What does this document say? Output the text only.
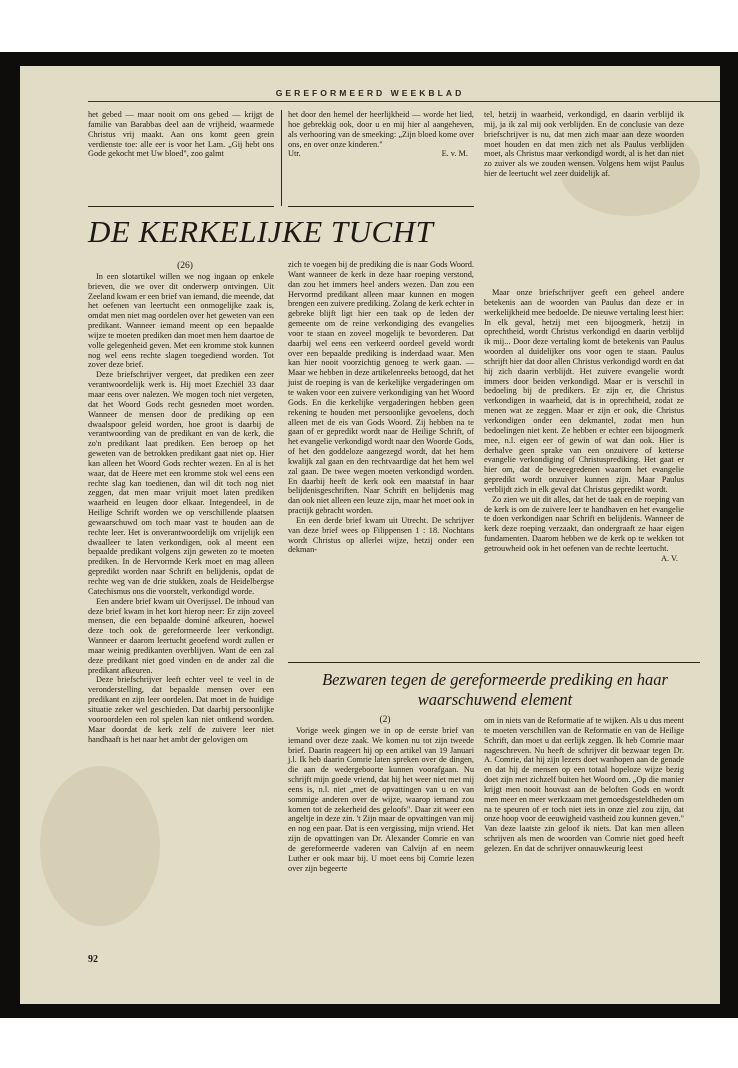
GEREFORMEERD WEEKBLAD

het gebed — maar nooit om ons gebed — krijgt de familie van Barabbas deel aan de vrijheid, waarmede Christus vrij maakt. Aan ons komt geen grein verdienste toe: alle eer is voor het Lam. „Gij hebt ons Gode gekocht met Uw bloed", zoo galmt

het door den hemel der heerlijkheid — worde het lied, hoe gebrekkig ook, door u en mij hier al aangeheven, als verhooring van de smeeking: „Zijn bloed kome over ons, en over onze kinderen."

Utr.	E. v. M.

tel, hetzij in waarheid, verkondigd, en daarin verblijd ik mij, ja ik zal mij ook verblijden. En de conclusie van deze briefschrijver is nu, dat men zich maar aan deze woorden moet houden en dat men zich net als Paulus verblijden moet, als Christus maar verkondigd wordt, al is het dan niet zo zuiver als we zouden wensen. Volgens hem wijst Paulus hier de leertucht wel zeer duidelijk af.

DE KERKELIJKE TUCHT

(26)

In een slotartikel willen we nog ingaan op enkele brieven, die we over dit onderwerp ontvingen. Uit Zeeland kwam er een brief van iemand, die meende, dat het oefenen van leertucht een onmogelijke zaak is, omdat men niet mag oordelen over het geweten van een predikant. Wanneer iemand meent op een bepaalde wijze te moeten prediken dan moet men hem daartoe de volle gelegenheid geven. Met een kromme stok kunnen nog wel eens rechte slagen toegediend worden. Tot zover deze brief.

Deze briefschrijver vergeet, dat prediken een zeer verantwoordelijk werk is. Hij moet Ezechiël 33 daar maar eens over nalezen. We mogen toch niet vergeten, dat het Woord Gods recht gesneden moet worden. Wanneer de mensen door de prediking op een dwaalspoor geleid worden, hoe groot is daarbij de verantwoording van de predikant en van de kerk, die zo'n predikant laat prediken. Een beroep op het geweten van de betrokken predikant gaat niet op. Hier kan alleen het Woord Gods rechter wezen. En al is het waar, dat de Heere met een kromme stok wel eens een rechte slag kan toedienen, dan wil dit toch nog niet zeggen, dat men maar vrijuit moet laten prediken waarheid en leugen door elkaar. Integendeel, in de Heilige Schrift worden we op verschillende plaatsen gewaarschuwd om toch maar vast te houden aan de rechte leer. Het is onverantwoordelijk om vrijelijk een dwaalleer te laten verkondigen, ook al meent een bepaalde predikant volgens zijn geweten zo te moeten prediken. In de Hervormde Kerk moet en mag alleen gepredikt worden naar Schrift en belijdenis, opdat de rechte weg van de drie stukken, zoals de Heidelbergse Catechismus ons die voorstelt, verkondigd worde.

Een andere brief kwam uit Overijssel. De inhoud van deze brief kwam in het kort hierop neer: Er zijn zoveel mensen, die een bepaalde dominé afkeuren, hoewel deze toch ook de gereformeerde leer verkondigt. Wanneer er daarom leertucht geoefend wordt zullen er maar weinig predikanten overblijven. Want de een zal deze predikant niet goed vinden en de ander zal die predikant afkeuren.

Deze briefschrijver leeft echter veel te veel in de veronderstelling, dat bepaalde mensen over een predikant en zijn leer oordelen. Dat moet in de huidige situatie zeker wel geschieden. Dat daarbij persoonlijke vooroordelen een rol spelen kan niet ontkend worden. Maar doordat de kerk zelf de zuivere leer niet handhaaft is het naar het ambt der gelovigen om

zich te voegen bij de prediking die is naar Gods Woord. Want wanneer de kerk in deze haar roeping verstond, dan zou het immers heel anders wezen. Dan zou een Hervormd predikant alleen maar kunnen en mogen brengen een zuivere prediking. Zolang de kerk echter in gebreke blijft ligt hier een taak op de leden der gemeente om de reine verkondiging des evangelies voor te staan en zoveel mogelijk te bevorderen. Dat daarbij wel eens een verkeerd oordeel geveld wordt over een bepaalde prediking is inderdaad waar. Men kan hier nooit voorzichtig genoeg te werk gaan. — Maar we hebben in deze artikelenreeks betoogd, dat het juist de roeping is van de kerkelijke vergaderingen om te waken voor een zuivere verkondiging van het Woord Gods. En die kerkelijke vergaderingen hebben geen rekening te houden met persoonlijke gevoelens, doch alleen met de eis van Gods Woord. Zij hebben na te gaan of er gepredikt wordt naar de Heilige Schrift, of het evangelie verkondigd wordt naar den Woorde Gods, of het den goddeloze aangezegd wordt, dat het hem kwalijk zal gaan en den rechtvaardige dat het hem wel zal gaan. De twee wegen moeten verkondigd worden. En daarbij heeft de kerk ook een maatstaf in haar belijdenisgeschriften. Naar Schrift en belijdenis mag dan ook niet alleen een leuze zijn, maar het moet ook in practijk gebracht worden.

En een derde brief kwam uit Utrecht. De schrijver van deze brief wees op Filippensen 1 : 18. Nochtans wordt Christus op allerlei wijze, hetzij onder een dekman-

Maar onze briefschrijver geeft een geheel andere betekenis aan de woorden van Paulus dan deze er in werkelijkheid mee bedoelde. De nieuwe vertaling leest hier: In elk geval, hetzij met een bijoogmerk, hetzij in oprechtheid, wordt Christus verkondigd en daarin verblijd ik mij... Door deze vertaling komt de betekenis van Paulus woorden al duidelijker ons voor ogen te staan. Paulus schrijft hier dat door allen Christus verkondigd wordt en dat hij zich daarin verblijdt. Het zuivere evangelie wordt immers door beiden verkondigd. Maar er is verschil in bedoeling bij de predikers. Er zijn er, die Christus verkondigen in waarheid, dat is in oprechtheid, zodat ze menen wat ze zeggen. Maar er zijn er ook, die Christus verkondigen onder een dekmantel, zodat men hun bedoelingen niet kent. Ze hebben er echter een bijoogmerk mee, n.l. eigen eer of gewin of wat dan ook. Hier is derhalve geen sprake van een onzuivere of ketterse evangelie verkondiging of Christusprediking. Het gaat er hier om, dat de beweegredenen waarom het evangelie gepredikt wordt onzuiver kunnen zijn. Maar Paulus verblijdt zich in elk geval dat Christus gepredikt wordt.

Zo zien we uit dit alles, dat het de taak en de roeping van de kerk is om de zuivere leer te handhaven en het evangelie te doen verkondigen naar Schrift en belijdenis. Wanneer de kerk deze roeping verzaakt, dan ondergraaft ze haar eigen fundamenten. Daarom hebben we de kerk op te wekken tot getrouwheid ook in het oefenen van de rechte leertucht.

A. V.

Bezwaren tegen de gereformeerde prediking en haar waarschuwend element

(2)

Vorige week gingen we in op de eerste brief van iemand over deze zaak. We komen nu tot zijn tweede brief. Daarin reageert hij op een artikel van 19 Januari j.l. Ik heb daarin Comrie laten spreken over de dingen, die aan de wedergeboorte kunnen voorafgaan. Nu schrijft mijn goede vriend, dat hij het weer niet met mij eens is, n.l. niet „met de opvattingen van u en van sommige anderen over de wijze, waarop iemand zou komen tot de zekerheid des geloofs". Daar zit weer een angeltje in deze zin. 't Zijn maar de opvattingen van mij en nog een paar. Dat is een vergissing, mijn vriend. Het zijn de opvattingen van Dr. Alexander Comrie en van de gereformeerde vaderen van Calvijn af en neem Luther er ook maar bij. U moet eens bij Comrie lezen over zijn begeerte

om in niets van de Reformatie af te wijken. Als u dus meent te moeten verschillen van de Reformatie en van de Heilige Schrift, dan moet u dat eerlijk zeggen. Ik heb Comrie maar nageschreven. Nu heeft de schrijver dit bezwaar tegen Dr. A. Comrie, dat hij zijn lezers doet wanhopen aan de genade en dat hij de mensen op een totaal hopeloze wijze bezig doet zijn met zichzelf buiten het Woord om. „Op die manier krijgt men nooit houvast aan de beloften Gods en wordt men meer en meer werkzaam met gemoedsgesteldheden om na te speuren of er toch niet iets in onze ziel zou zijn, dat onze hoop voor de eeuwigheid vastheid zou kunnen geven." Van deze laatste zin geloof ik niets. Dat kan men alleen schrijven als men de woorden van Comrie niet goed heeft gelezen. En dat de schrijver onnauwkeurig leest

92
